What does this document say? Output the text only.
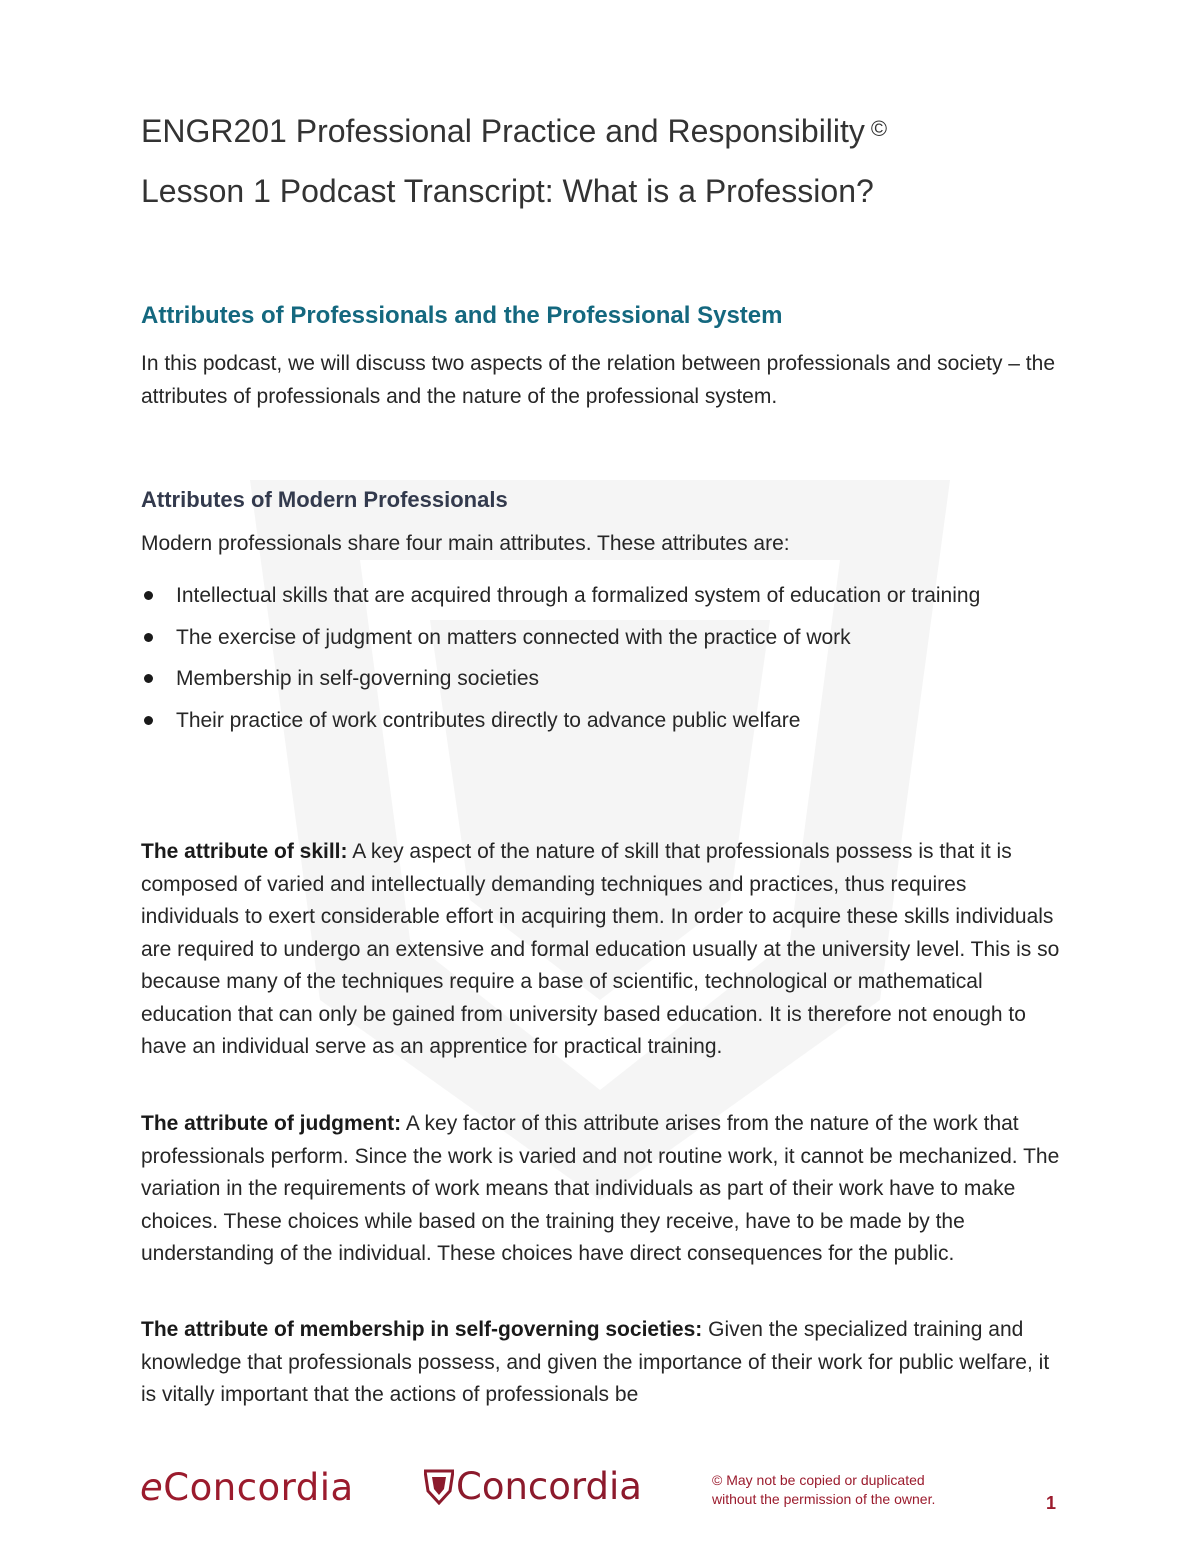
ENGR201 Professional Practice and Responsibility ©
Lesson 1 Podcast Transcript: What is a Profession?
Attributes of Professionals and the Professional System

In this podcast, we will discuss two aspects of the relation between professionals and society – the attributes of professionals and the nature of the professional system.

Attributes of Modern Professionals

Modern professionals share four main attributes. These attributes are:

Intellectual skills that are acquired through a formalized system of education or training
The exercise of judgment on matters connected with the practice of work
Membership in self-governing societies
Their practice of work contributes directly to advance public welfare

The attribute of skill: A key aspect of the nature of skill that professionals possess is that it is composed of varied and intellectually demanding techniques and practices, thus requires individuals to exert considerable effort in acquiring them. In order to acquire these skills individuals are required to undergo an extensive and formal education usually at the university level. This is so because many of the techniques require a base of scientific, technological or mathematical education that can only be gained from university based education. It is therefore not enough to have an individual serve as an apprentice for practical training.

The attribute of judgment: A key factor of this attribute arises from the nature of the work that professionals perform. Since the work is varied and not routine work, it cannot be mechanized. The variation in the requirements of work means that individuals as part of their work have to make choices. These choices while based on the training they receive, have to be made by the understanding of the individual. These choices have direct consequences for the public.

The attribute of membership in self-governing societies: Given the specialized training and knowledge that professionals possess, and given the importance of their work for public welfare, it is vitally important that the actions of professionals be

eConcordia	Concordia	© May not be copied or duplicated
without the permission of the owner.	1
